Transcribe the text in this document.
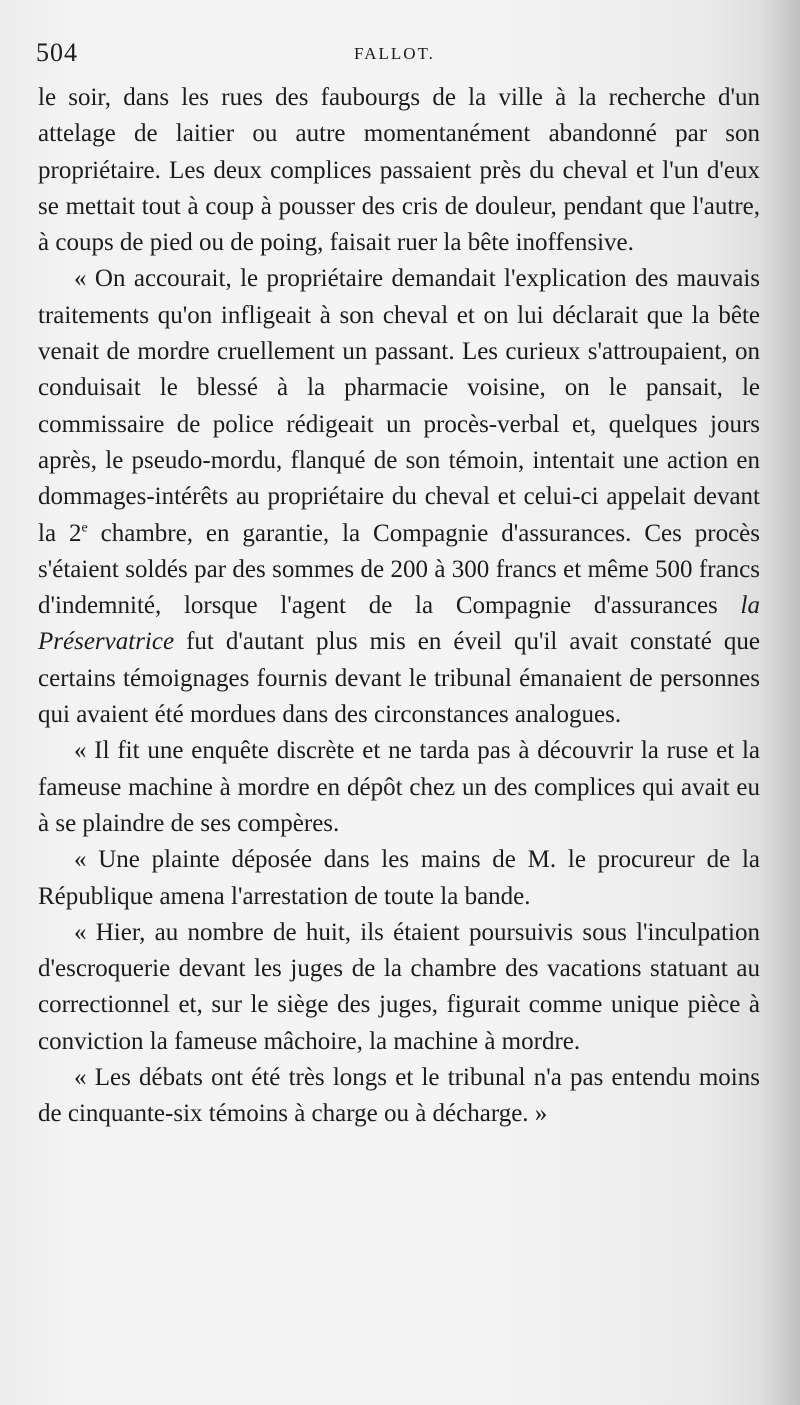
504	FALLOT.

le soir, dans les rues des faubourgs de la ville à la recherche d'un attelage de laitier ou autre momentanément abandonné par son propriétaire. Les deux complices passaient près du cheval et l'un d'eux se mettait tout à coup à pousser des cris de douleur, pendant que l'autre, à coups de pied ou de poing, faisait ruer la bête inoffensive.

« On accourait, le propriétaire demandait l'explication des mauvais traitements qu'on infligeait à son cheval et on lui déclarait que la bête venait de mordre cruellement un passant. Les curieux s'attroupaient, on conduisait le blessé à la pharmacie voisine, on le pansait, le commissaire de police rédigeait un procès-verbal et, quelques jours après, le pseudo-mordu, flanqué de son témoin, intentait une action en dommages-intérêts au propriétaire du cheval et celui-ci appelait devant la 2e chambre, en garantie, la Compagnie d'assurances. Ces procès s'étaient soldés par des sommes de 200 à 300 francs et même 500 francs d'indemnité, lorsque l'agent de la Compagnie d'assurances la Préservatrice fut d'autant plus mis en éveil qu'il avait constaté que certains témoignages fournis devant le tribunal émanaient de personnes qui avaient été mordues dans des circonstances analogues.

« Il fit une enquête discrète et ne tarda pas à découvrir la ruse et la fameuse machine à mordre en dépôt chez un des complices qui avait eu à se plaindre de ses compères.

« Une plainte déposée dans les mains de M. le procureur de la République amena l'arrestation de toute la bande.

« Hier, au nombre de huit, ils étaient poursuivis sous l'inculpation d'escroquerie devant les juges de la chambre des vacations statuant au correctionnel et, sur le siège des juges, figurait comme unique pièce à conviction la fameuse mâchoire, la machine à mordre.

« Les débats ont été très longs et le tribunal n'a pas entendu moins de cinquante-six témoins à charge ou à décharge. »
